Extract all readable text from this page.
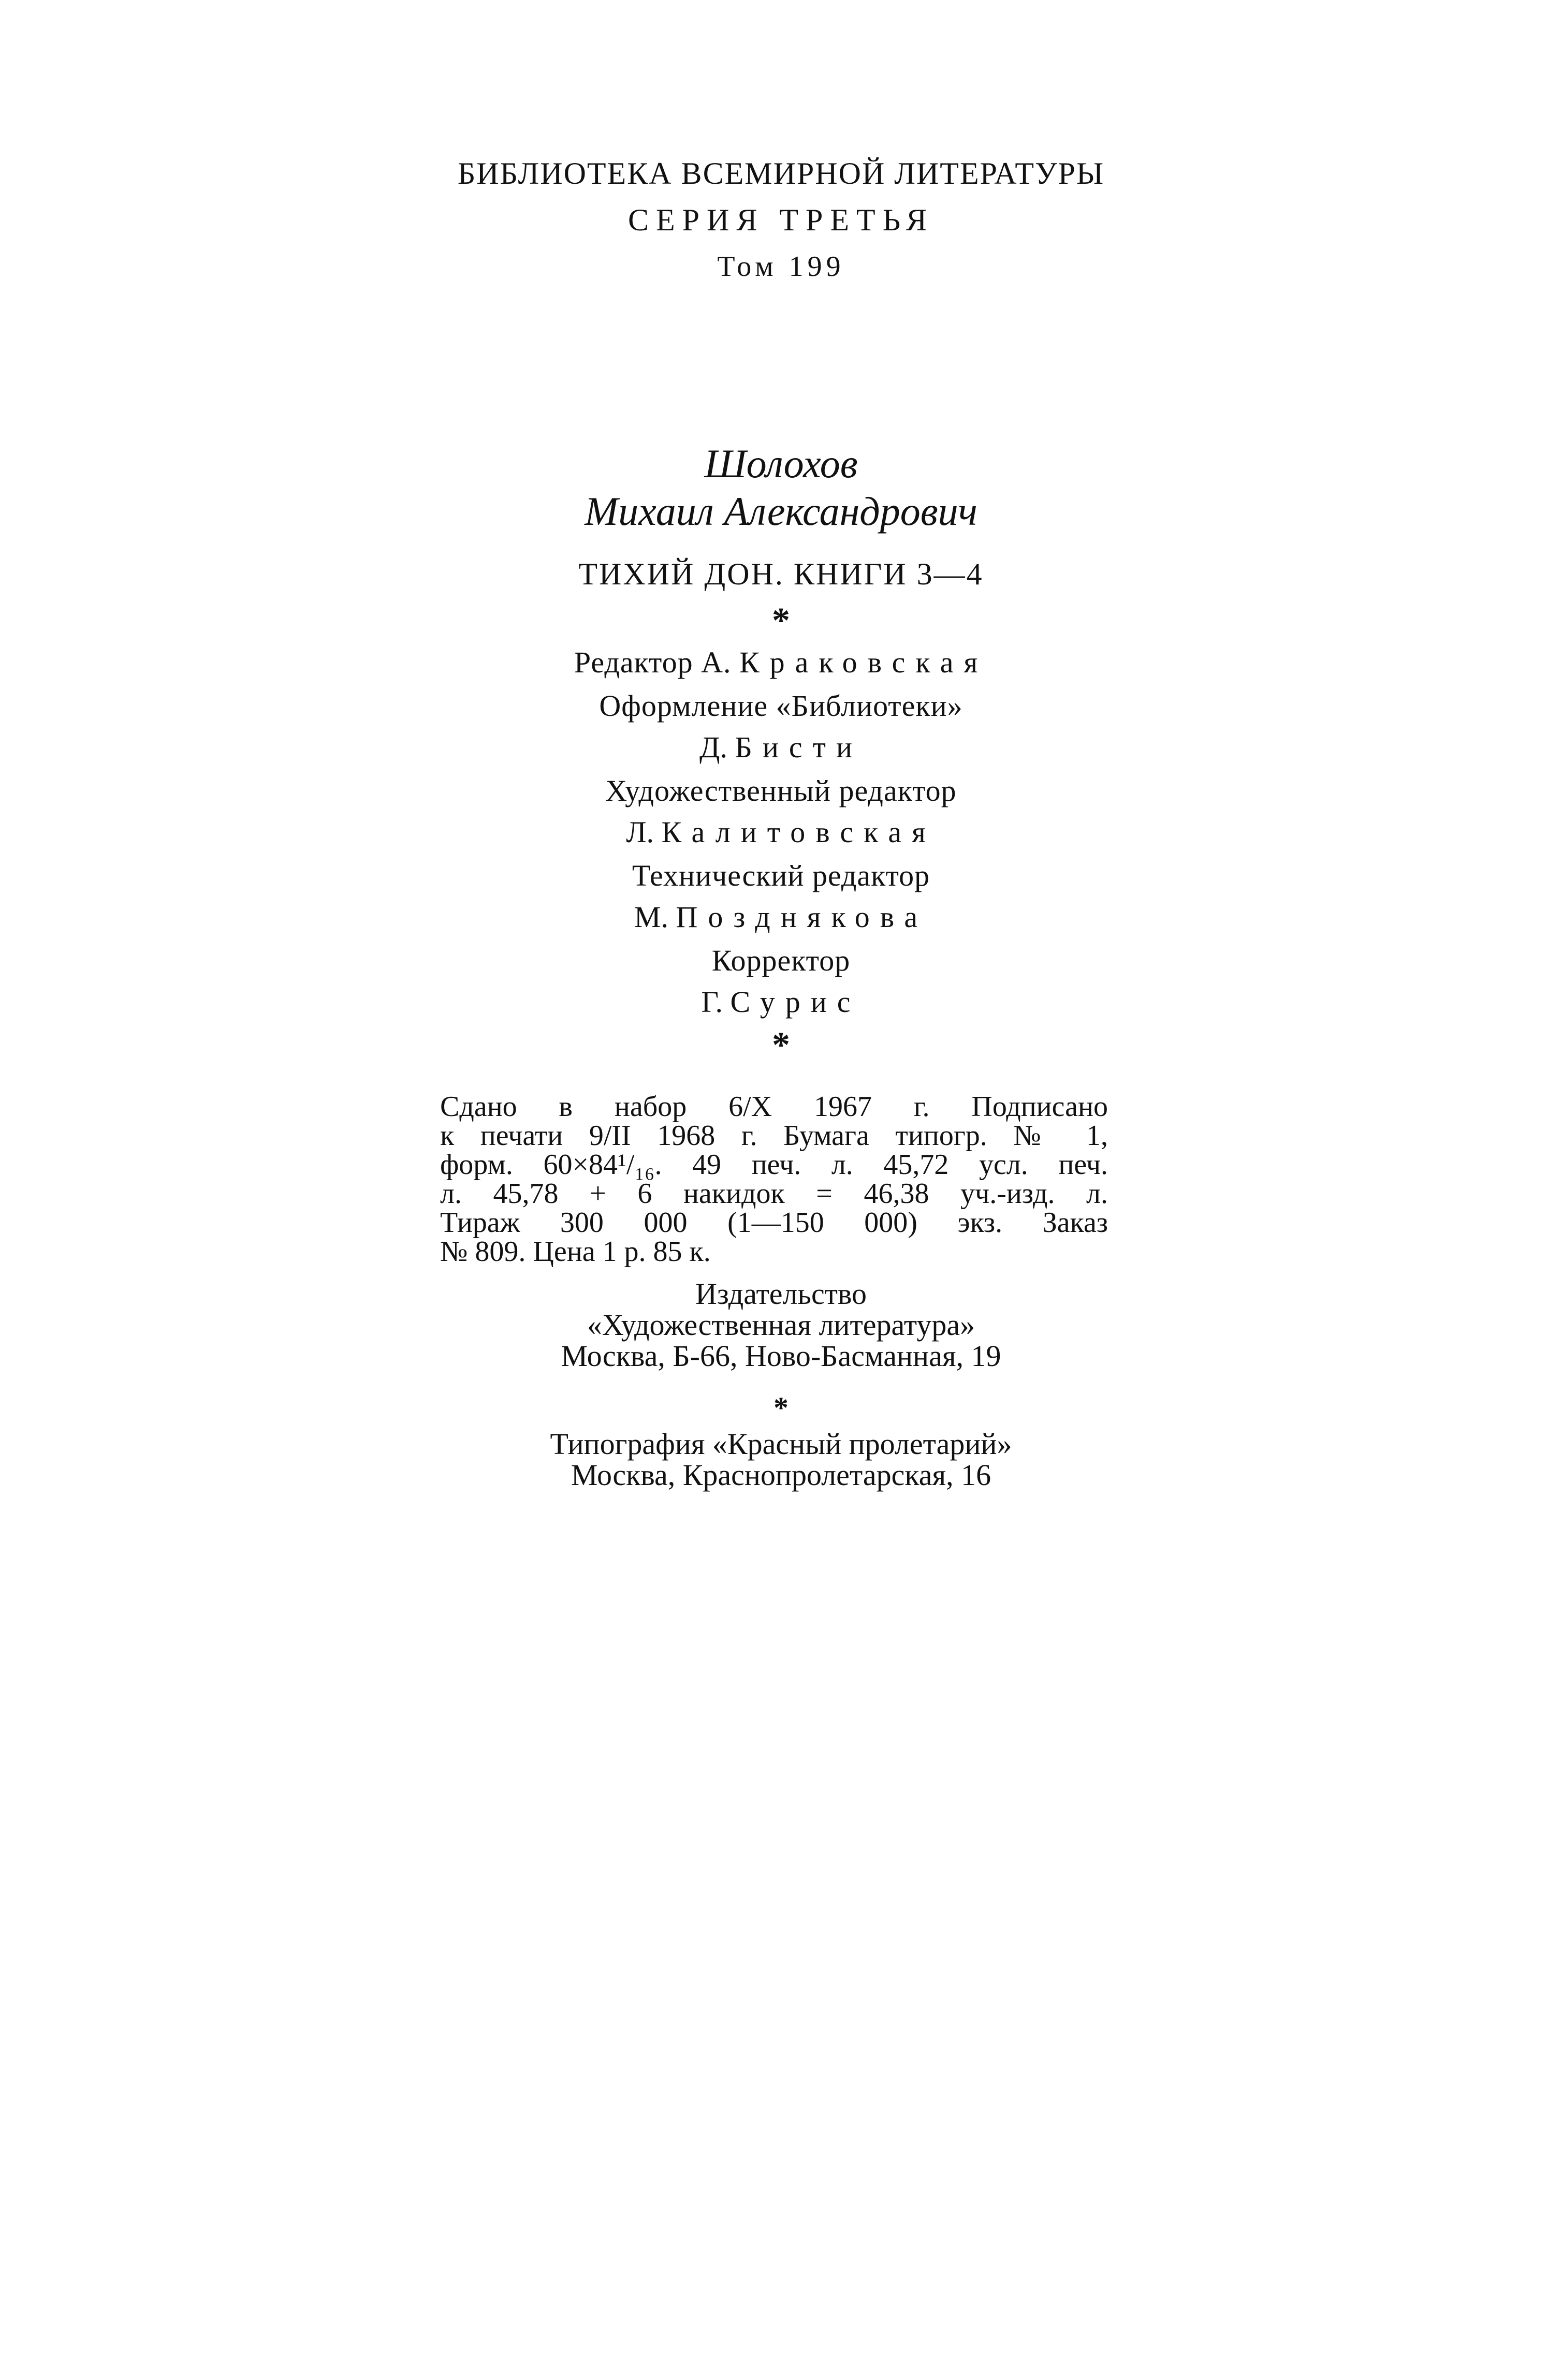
БИБЛИОТЕКА ВСЕМИРНОЙ ЛИТЕРАТУРЫ
СЕРИЯ ТРЕТЬЯ
Том 199
Шолохов
Михаил Александрович
ТИХИЙ ДОН. КНИГИ 3—4
*
Редактор А. Краковская
Оформление «Библиотеки»
Д. Бисти
Художественный редактор
Л. Калитовская
Технический редактор
М. Позднякова
Корректор
Г. Сурис
*
Сдано в набор 6/X 1967 г. Подписано
к печати 9/II 1968 г. Бумага типогр. № 1,
форм. 60×84¹/₁₆. 49 печ. л. 45,72 усл. печ.
л. 45,78 + 6 накидок = 46,38 уч.-изд. л.
Тираж 300 000 (1—150 000) экз. Заказ
№ 809. Цена 1 р. 85 к.
Издательство
«Художественная литература»
Москва, Б-66, Ново-Басманная, 19
*
Типография «Красный пролетарий»
Москва, Краснопролетарская, 16
